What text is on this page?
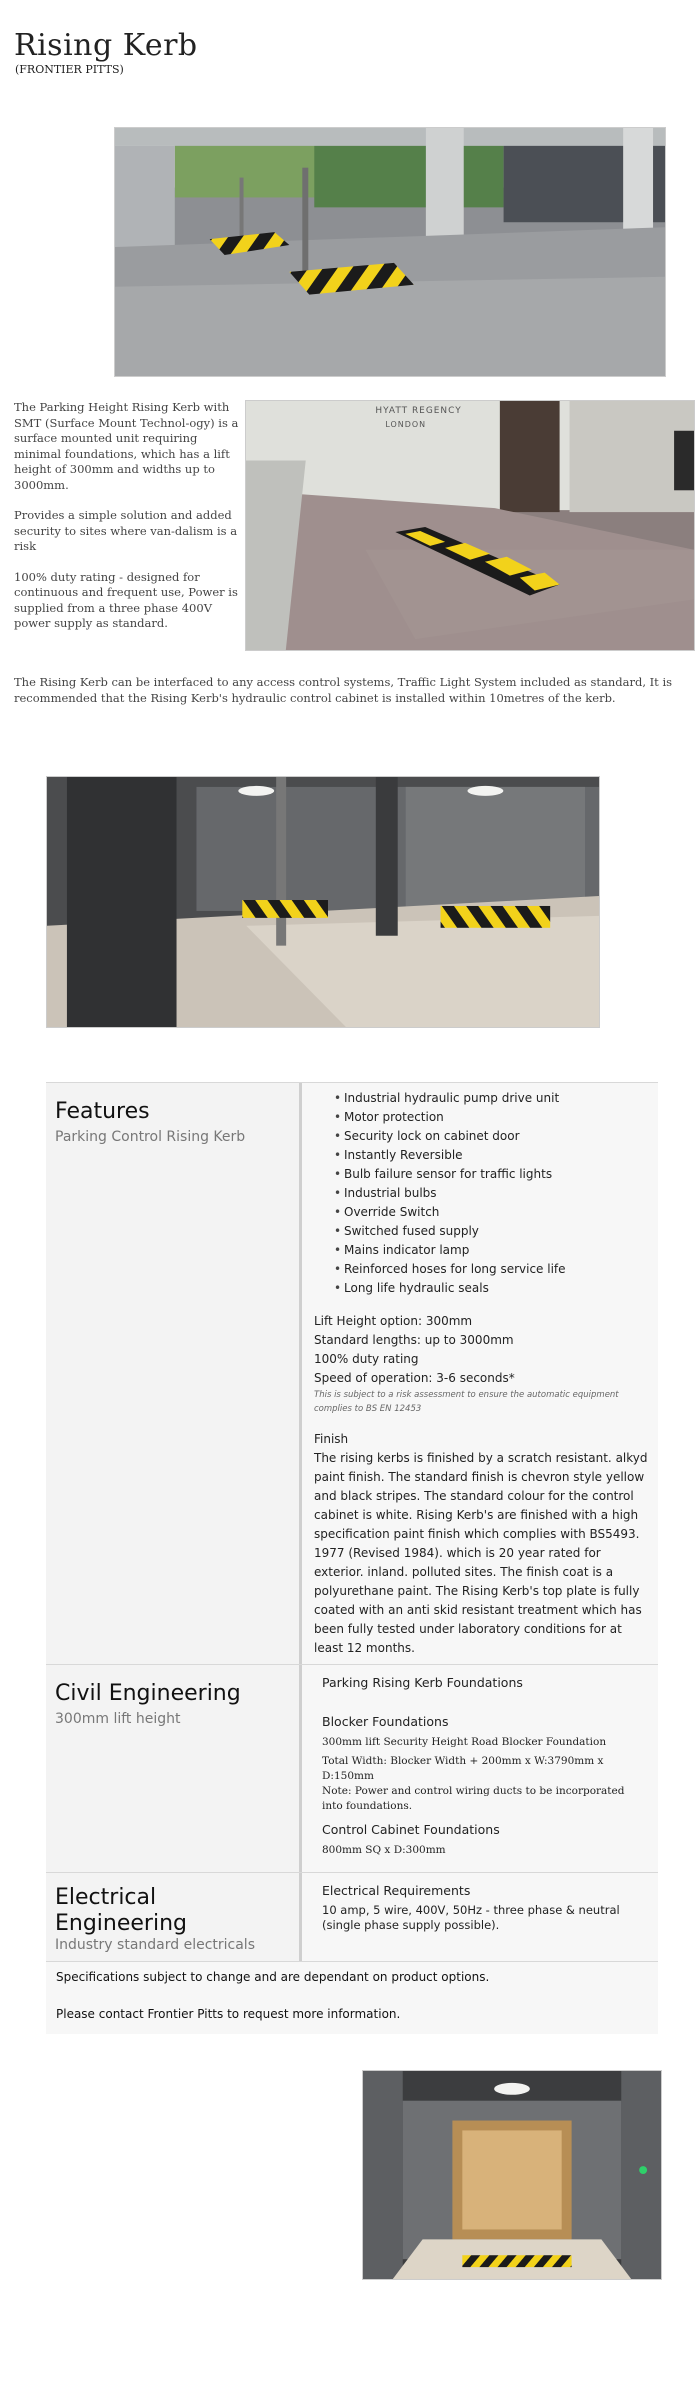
Rising Kerb
(FRONTIER PITTS)

The Parking Height Rising Kerb with SMT (Surface Mount Technol-ogy) is a surface mounted unit requiring minimal foundations, which has a lift height of 300mm and widths up to 3000mm.

Provides a simple solution and added security to sites where van-dalism is a risk

100% duty rating - designed for continuous and frequent use, Power is supplied from a three phase 400V power supply as standard.

HYATT REGENCY
LONDON
The Rising Kerb can be interfaced to any access control systems, Traffic Light System included as standard, It is recommended that the Rising Kerb's hydraulic control cabinet is installed within 10metres of the kerb.
Features
Parking Control Rising Kerb
• Industrial hydraulic pump drive unit
• Motor protection
• Security lock on cabinet door
• Instantly Reversible
• Bulb failure sensor for traffic lights
• Industrial bulbs
• Override Switch
• Switched fused supply
• Mains indicator lamp
• Reinforced hoses for long service life
• Long life hydraulic seals
Lift Height option: 300mm
Standard lengths: up to 3000mm
100% duty rating
Speed of operation: 3-6 seconds*
This is subject to a risk assessment to ensure the automatic equipment complies to BS EN 12453
Finish
The rising kerbs is finished by a scratch resistant. alkyd paint finish. The standard finish is chevron style yellow and black stripes. The standard colour for the control cabinet is white. Rising Kerb's are finished with a high specification paint finish which complies with BS5493. 1977 (Revised 1984). which is 20 year rated for exterior. inland. polluted sites. The finish coat is a polyurethane paint. The Rising Kerb's top plate is fully coated with an anti skid resistant treatment which has been fully tested under laboratory conditions for at least 12 months.
Civil Engineering
300mm lift height
Parking Rising Kerb Foundations
Blocker Foundations
300mm lift Security Height Road Blocker Foundation
Total Width: Blocker Width + 200mm x W:3790mm x D:150mm
Note: Power and control wiring ducts to be incorporated into foundations.
Control Cabinet Foundations
800mm SQ x D:300mm
Electrical Engineering
Industry standard electricals
Electrical Requirements
10 amp, 5 wire, 400V, 50Hz - three phase & neutral (single phase supply possible).

Specifications subject to change and are dependant on product options.

Please contact Frontier Pitts to request more information.
